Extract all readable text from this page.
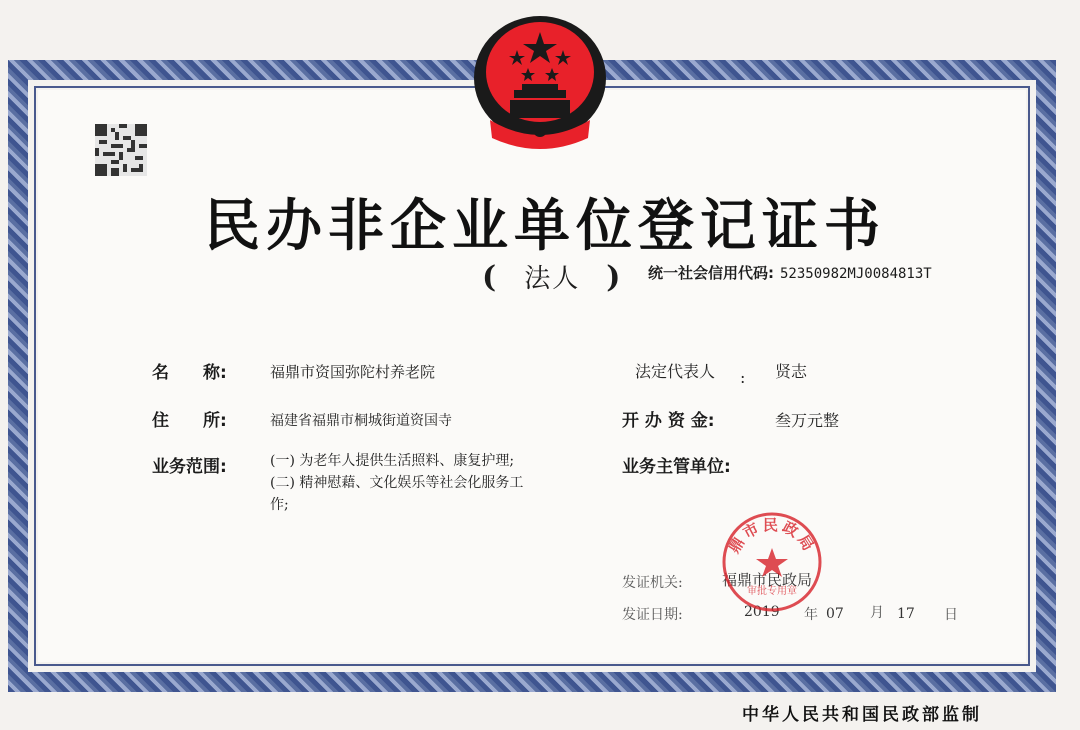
民办非企业单位登记证书
( 法人 ) 统一社会信用代码: 52350982MJ0084813T
名　　称:	福鼎市资国弥陀村养老院
住　　所:	福建省福鼎市桐城街道资国寺
业务范围:	(一) 为老年人提供生活照料、康复护理;
(二) 精神慰藉、文化娱乐等社会化服务工
作;
法定代表人 : 贤志
开 办 资 金:	叁万元整
业务主管单位:
发证机关:	福鼎市民政局
发证日期:	2019 年 07 月 17 日
鼎市民政局
审批专用章
中华人民共和国民政部监制
